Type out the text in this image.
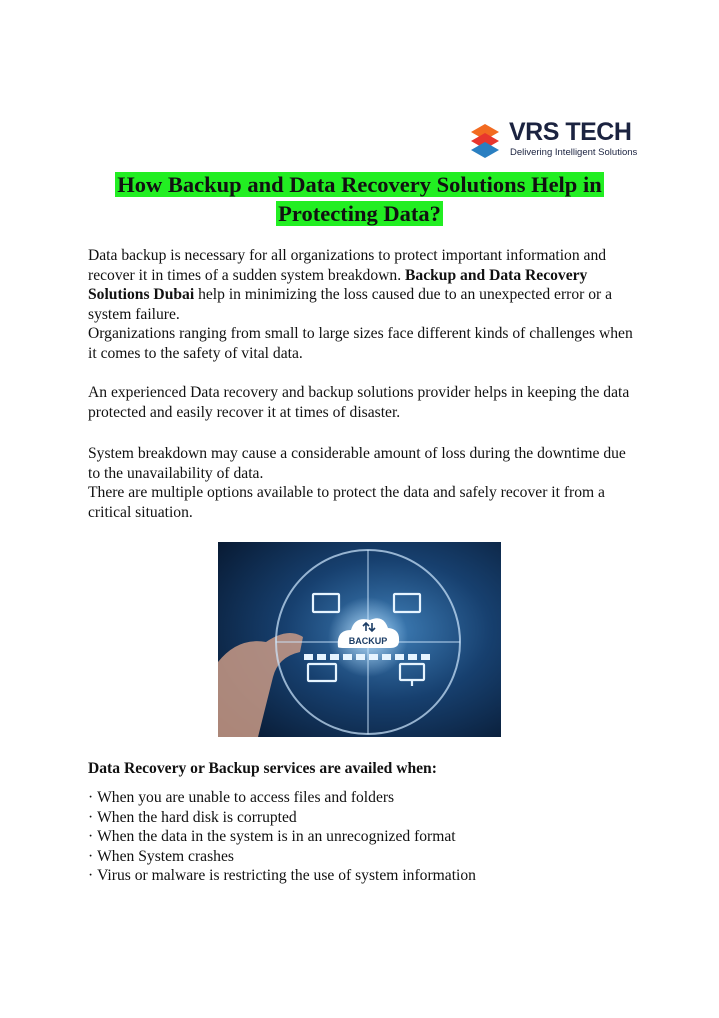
VRS TECH
Delivering Intelligent Solutions
How Backup and Data Recovery Solutions Help in Protecting Data?

Data backup is necessary for all organizations to protect important information and recover it in times of a sudden system breakdown. Backup and Data Recovery Solutions Dubai help in minimizing the loss caused due to an unexpected error or a system failure.
Organizations ranging from small to large sizes face different kinds of challenges when it comes to the safety of vital data.

An experienced Data recovery and backup solutions provider helps in keeping the data protected and easily recover it at times of disaster.

System breakdown may cause a considerable amount of loss during the downtime due to the unavailability of data.
There are multiple options available to protect the data and safely recover it from a critical situation.

BACKUP

Data Recovery or Backup services are availed when:

· When you are unable to access files and folders
· When the hard disk is corrupted
· When the data in the system is in an unrecognized format
· When System crashes
· Virus or malware is restricting the use of system information
